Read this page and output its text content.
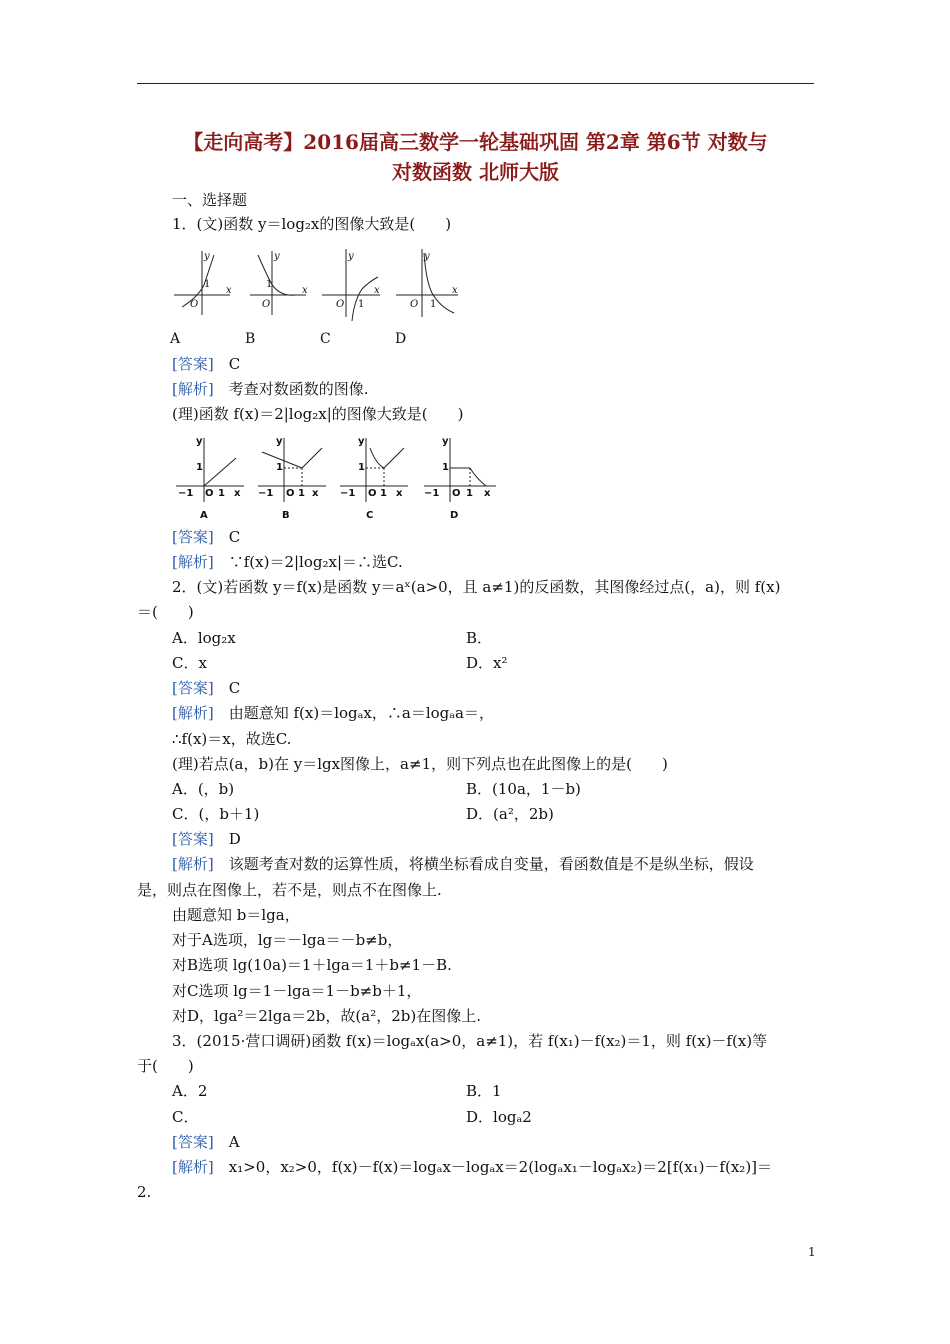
【走向高考】2016届高三数学一轮基础巩固 第2章 第6节 对数与
对数函数 北师大版
一、选择题
1．(文)函数 y＝log₂x的图像大致是(　　)
y
x
O
1
y
x
O
1
y
x
O 1
y
x
O 1
A	B	C	D
[答案]　 C
[解析]　 考查对数函数的图像.
(理)函数 f(x)＝2|log₂x|的图像大致是(　　)
y
1
−1 O 1 x
A
y
1
−1 O 1 x
B
y
1
−1 O 1 x
C
y
1
−1 O 1 x
D
[答案]　 C
[解析]　 ∵f(x)＝2|log₂x|＝∴选C.
2．(文)若函数 y＝f(x)是函数 y＝aˣ(a>0，且 a≠1)的反函数，其图像经过点(，a)，则 f(x)
＝(　　)
A．log₂x	B．
C．x	D．x²
[答案]　 C
[解析]　 由题意知 f(x)＝logₐx，∴a＝logₐa＝，
∴f(x)＝x，故选C.
(理)若点(a，b)在 y＝lgx图像上，a≠1，则下列点也在此图像上的是(　　)
A．(，b)	B．(10a，1－b)
C．(，b＋1)	D．(a²，2b)
[答案]　 D
[解析]　 该题考查对数的运算性质，将横坐标看成自变量，看函数值是不是纵坐标，假设
是，则点在图像上，若不是，则点不在图像上.
由题意知 b＝lga，
对于A选项，lg＝－lga＝－b≠b，
对B选项 lg(10a)＝1＋lga＝1＋b≠1－B.
对C选项 lg＝1－lga＝1－b≠b＋1，
对D，lga²＝2lga＝2b，故(a²，2b)在图像上.
3．(2015·营口调研)函数 f(x)＝logₐx(a>0，a≠1)，若 f(x₁)－f(x₂)＝1，则 f(x)－f(x)等
于(　　)
A．2	B．1
C．	D．logₐ2
[答案]　 A
[解析]　 x₁>0，x₂>0，f(x)－f(x)＝logₐx－logₐx＝2(logₐx₁－logₐx₂)＝2[f(x₁)－f(x₂)]＝
2.
1
